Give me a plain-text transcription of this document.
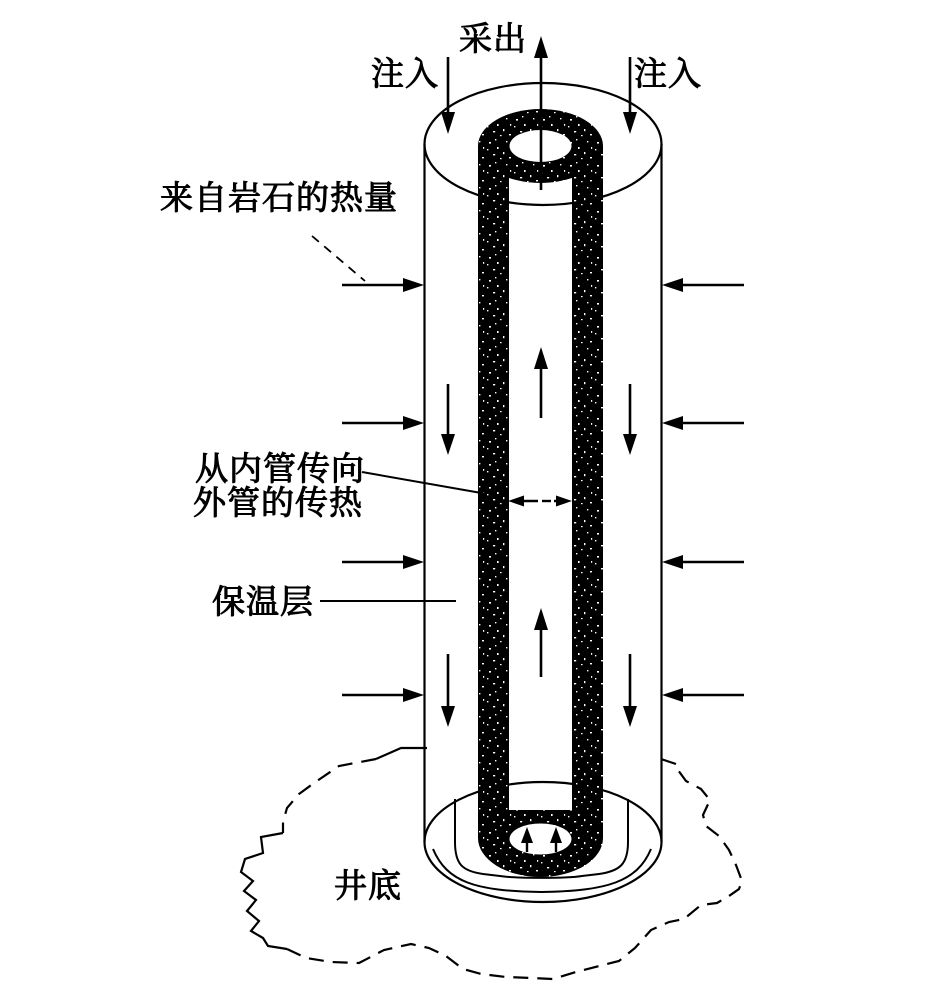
采出
注入	注入
来自岩石的热量
从内管传向
外管的传热
保温层
井底
